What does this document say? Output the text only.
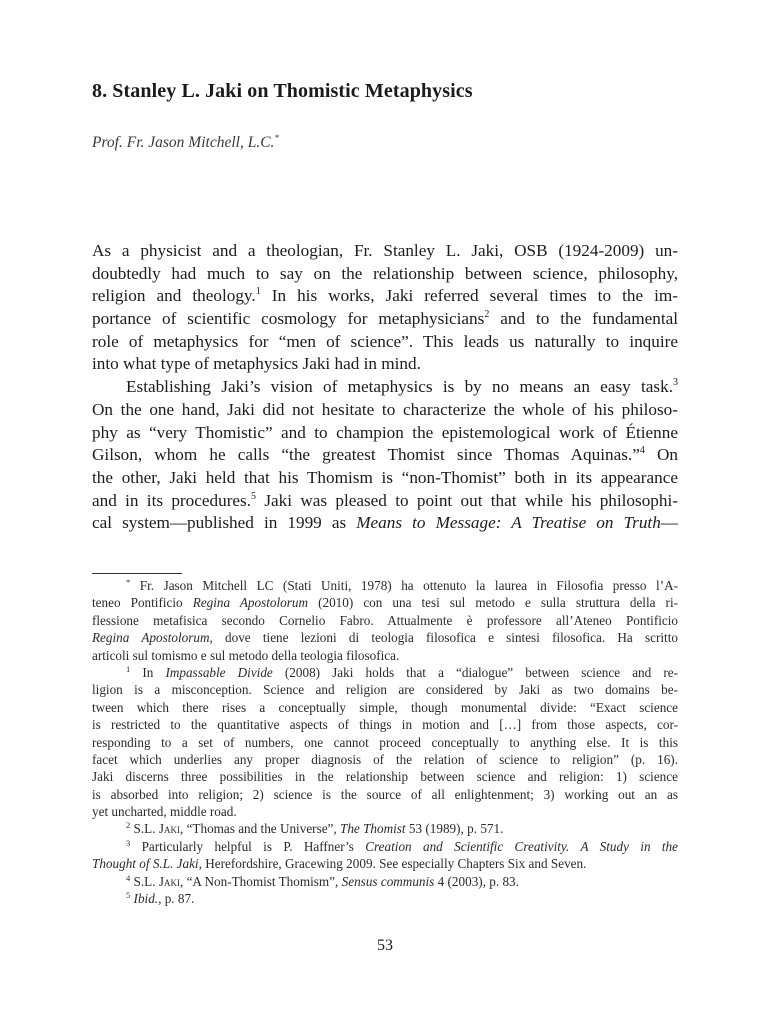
8. Stanley L. Jaki on Thomistic Metaphysics
Prof. Fr. Jason Mitchell, L.C.*
As a physicist and a theologian, Fr. Stanley L. Jaki, OSB (1924-2009) un-
doubtedly had much to say on the relationship between science, philosophy,
religion and theology.$^1$ In his works, Jaki referred several times to the im-
portance of scientific cosmology for metaphysicians$^2$ and to the fundamental
role of metaphysics for “men of science”. This leads us naturally to inquire
into what type of metaphysics Jaki had in mind.
Establishing Jaki’s vision of metaphysics is by no means an easy task.$^3$
On the one hand, Jaki did not hesitate to characterize the whole of his philoso-
phy as “very Thomistic” and to champion the epistemological work of Étienne
Gilson, whom he calls “the greatest Thomist since Thomas Aquinas.”$^4$ On
the other, Jaki held that his Thomism is “non-Thomist” both in its appearance
and in its procedures.$^5$ Jaki was pleased to point out that while his philosophi-
cal system—published in 1999 as Means to Message: A Treatise on Truth—
* Fr. Jason Mitchell LC (Stati Uniti, 1978) ha ottenuto la laurea in Filosofia presso l’A-
teneo Pontificio Regina Apostolorum (2010) con una tesi sul metodo e sulla struttura della ri-
flessione metafisica secondo Cornelio Fabro. Attualmente è professore all’Ateneo Pontificio
Regina Apostolorum, dove tiene lezioni di teologia filosofica e sintesi filosofica. Ha scritto
articoli sul tomismo e sul metodo della teologia filosofica.
$^1$ In Impassable Divide (2008) Jaki holds that a “dialogue” between science and re-
ligion is a misconception. Science and religion are considered by Jaki as two domains be-
tween which there rises a conceptually simple, though monumental divide: “Exact science
is restricted to the quantitative aspects of things in motion and […] from those aspects, cor-
responding to a set of numbers, one cannot proceed conceptually to anything else. It is this
facet which underlies any proper diagnosis of the relation of science to religion” (p. 16).
Jaki discerns three possibilities in the relationship between science and religion: 1) science
is absorbed into religion; 2) science is the source of all enlightenment; 3) working out an as
yet uncharted, middle road.
$^2$ S.L. Jaki, “Thomas and the Universe”, The Thomist 53 (1989), p. 571.
$^3$ Particularly helpful is P. Haffner’s Creation and Scientific Creativity. A Study in the
Thought of S.L. Jaki, Herefordshire, Gracewing 2009. See especially Chapters Six and Seven.
$^4$ S.L. Jaki, “A Non-Thomist Thomism”, Sensus communis 4 (2003), p. 83.
$^5$ Ibid., p. 87.
53
